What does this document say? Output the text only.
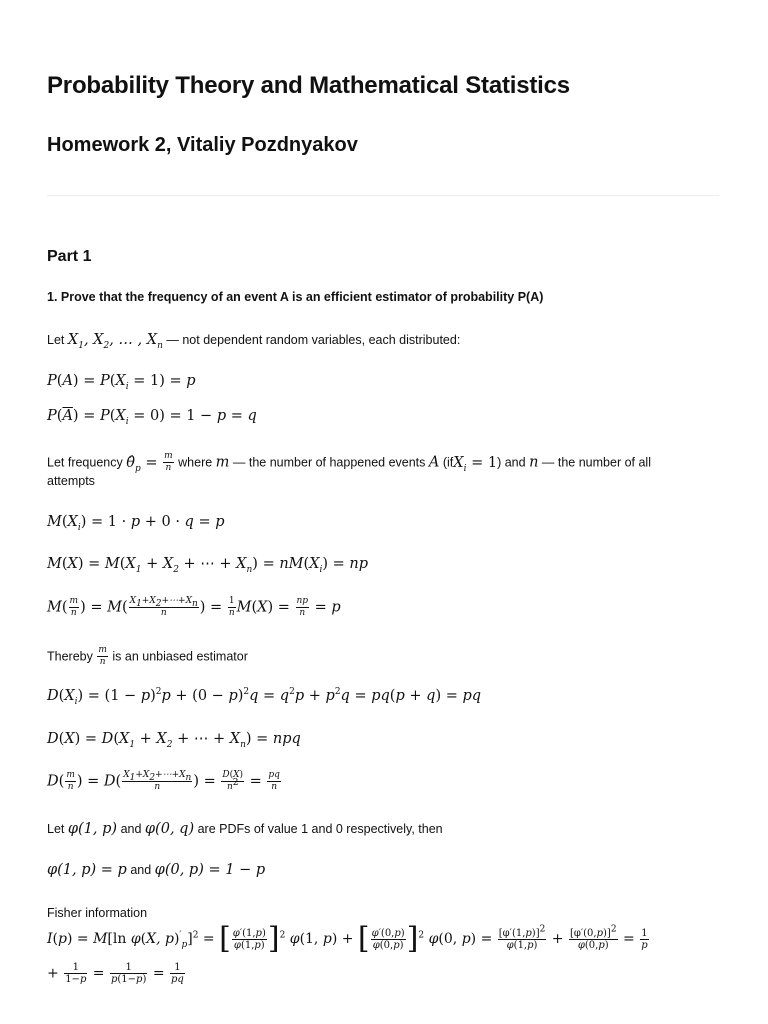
Probability Theory and Mathematical Statistics
Homework 2, Vitaliy Pozdnyakov
Part 1
1. Prove that the frequency of an event A is an efficient estimator of probability P(A)
Let $X_1$, $X_2$, … , $X_n$ — not dependent random variables, each distributed:
$P(A) = P(X_i = 1) = p$
$P(\overline{A}) = P(X_i = 0) = 1 - p = q$
Let frequency $\thetâ_p = \frac{m}{n}$ where m — the number of happened events A (ifX$_i$ = 1) and n — the number of all
attempts
$M(X_i) = 1 \cdot p + 0 \cdot q = p$
$M(X) = M(X_1 + X_2$ + ⋯ + $X_n) = nM(X_i)$ = np
$M( \frac{m}{n}$ ) = $M( \frac{X_1+X_2+\cdots+X_n}{n}$ ) = $\frac{1}{n} M(X) = \frac{np}{n} = p$
Thereby $\frac{m}{n}$ is an unbiased estimator
$D(X_i) = (1 - p)^2p + (0 - p)^2q = q^2p + p^2q = pq(p + q)$ = pq
$D(X) = D(X_1 + X_2$ + ⋯ + $X_n$) = npq
$D( \frac{m}{n}$ ) = $D( \frac{X_1+X_2+\cdots+X_n}{n}$ ) = $\frac{D(X)}{n^2} = \frac{pq}{n}$
Let φ(1, p) and φ(0, q) are PDFs of value 1 and 0 respectively, then
φ(1, p) = p and φ(0, p) = 1 − p
Fisher information
I(p) = M[ln φ(X, $p)'_p]^2$ = [ $\frac{\varphi'(1,p)}{\varphi(1,p)} ]^2$ φ(1, p) + [ $\frac{\varphi'(0,p)}{\varphi(0,p)} ]^2$ φ(0, $p) = \frac{[\varphi'(1,p)]^2}{\varphi(1,p)} + \frac{[\varphi'(0,p)]^2}{\varphi(0,p)} = \frac{1}{p}$
+ $\frac{1}{1-p} = \frac{1}{p(1-p)} = \frac{1}{pq}$
